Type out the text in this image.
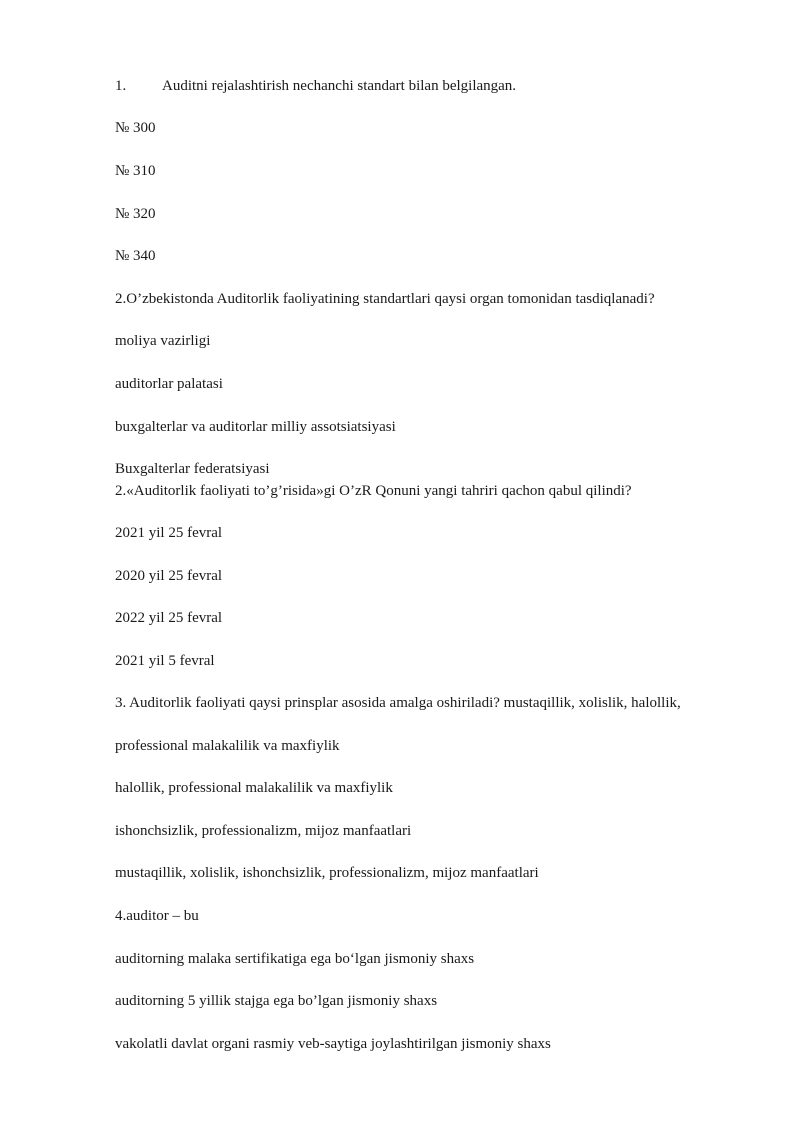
1. Auditni rejalashtirish nechanchi standart bilan belgilangan.
№ 300
№ 310
№ 320
№ 340
2.O’zbekistonda Auditorlik faoliyatining standartlari qaysi organ tomonidan tasdiqlanadi?
moliya vazirligi
auditorlar palatasi
buxgalterlar va auditorlar milliy assotsiatsiyasi
Buxgalterlar federatsiyasi
2.«Auditorlik faoliyati to’g’risida»gi O’zR Qonuni yangi tahriri qachon qabul qilindi?
2021 yil 25 fevral
2020 yil 25 fevral
2022 yil 25 fevral
2021 yil 5 fevral
3. Auditorlik faoliyati qaysi prinsplar asosida amalga oshiriladi? mustaqillik, xolislik, halollik,
professional malakalilik va maxfiylik
halollik, professional malakalilik va maxfiylik
ishonchsizlik, professionalizm, mijoz manfaatlari
mustaqillik, xolislik, ishonchsizlik, professionalizm, mijoz manfaatlari
4.auditor – bu
auditorning malaka sertifikatiga ega bo‘lgan jismoniy shaxs
auditorning 5 yillik stajga ega bo’lgan jismoniy shaxs
vakolatli davlat organi rasmiy veb-saytiga joylashtirilgan jismoniy shaxs
